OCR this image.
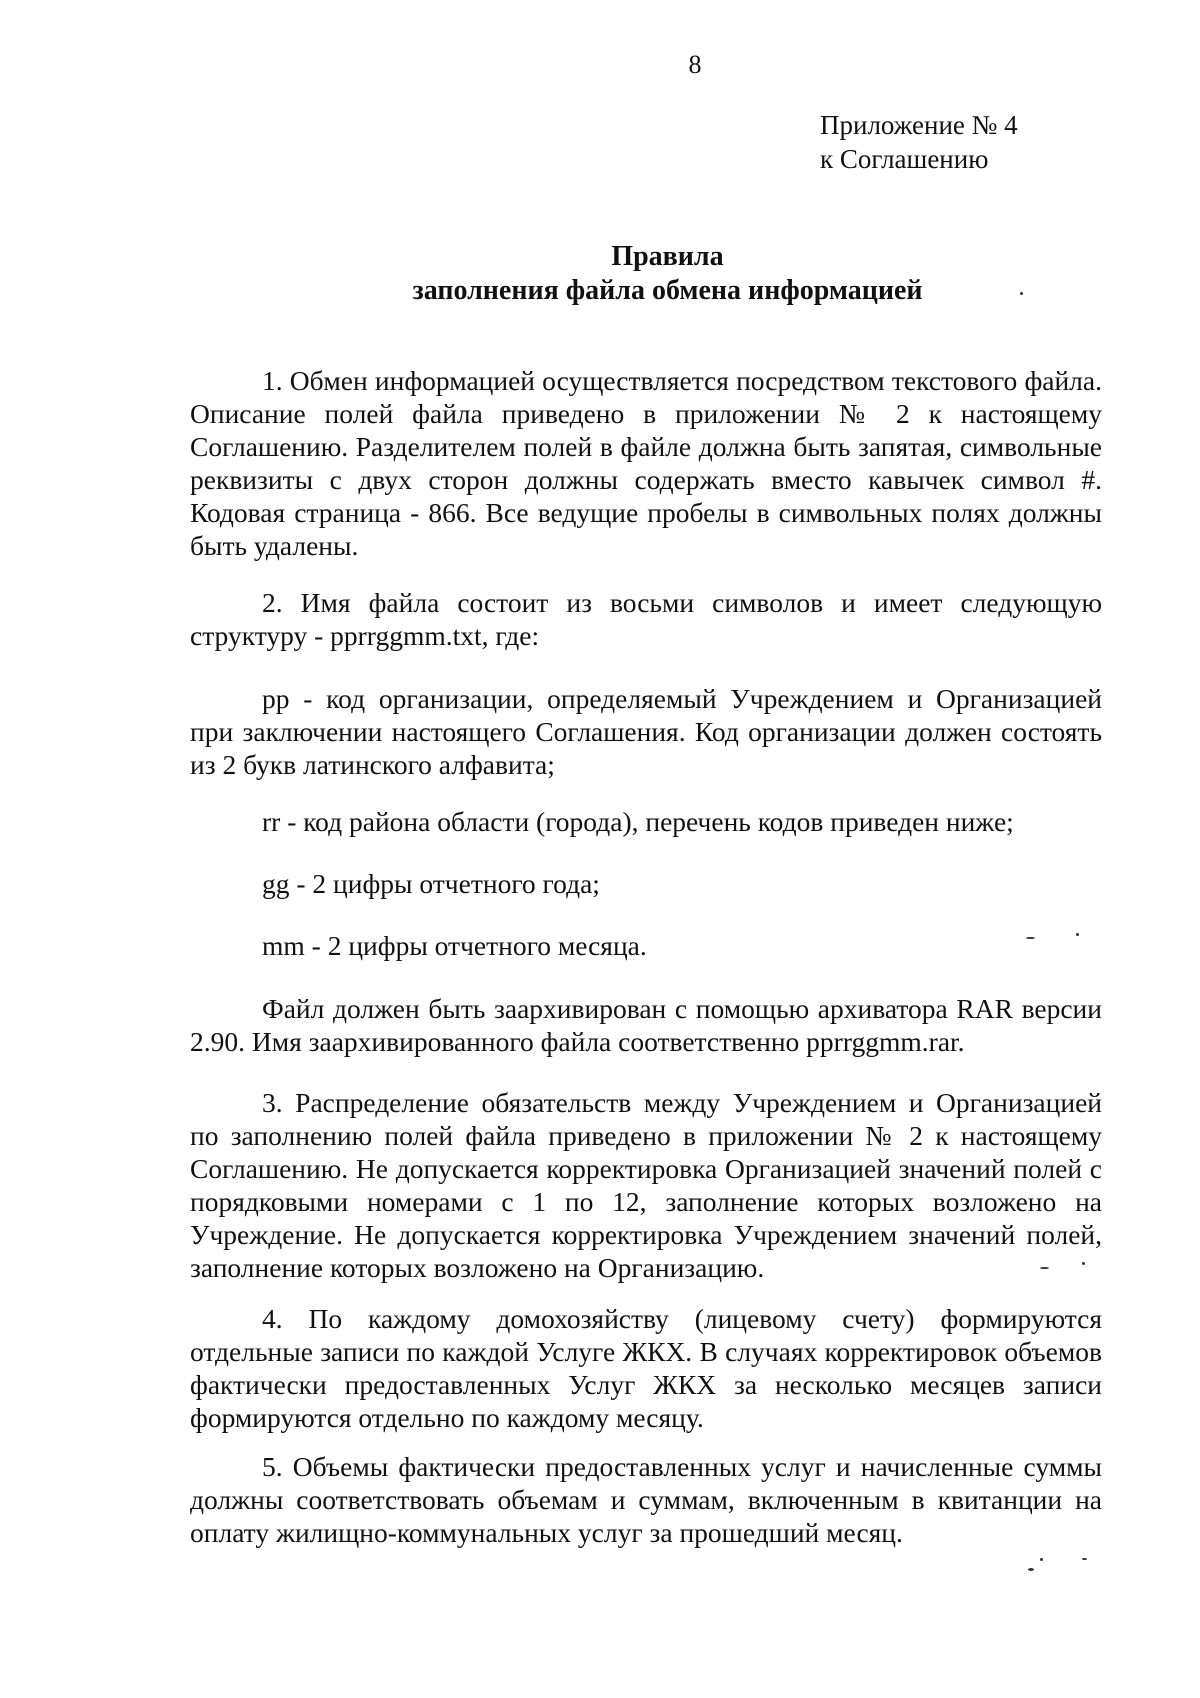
8
Приложение № 4
к Соглашению
Правила
заполнения файла обмена информацией
1. Обмен информацией осуществляется посредством текстового файла. Описание полей файла приведено в приложении № 2 к настоящему Соглашению. Разделителем полей в файле должна быть запятая, символьные реквизиты с двух сторон должны содержать вместо кавычек символ #. Кодовая страница - 866. Все ведущие пробелы в символьных полях должны быть удалены.
2. Имя файла состоит из восьми символов и имеет следующую структуру - pprrggmm.txt, где:
pp - код организации, определяемый Учреждением и Организацией при заключении настоящего Соглашения. Код организации должен состоять из 2 букв латинского алфавита;
rr - код района области (города), перечень кодов приведен ниже;
gg - 2 цифры отчетного года;
mm - 2 цифры отчетного месяца.
Файл должен быть заархивирован с помощью архиватора RAR версии 2.90. Имя заархивированного файла соответственно pprrggmm.rar.
3. Распределение обязательств между Учреждением и Организацией по заполнению полей файла приведено в приложении № 2 к настоящему Соглашению. Не допускается корректировка Организацией значений полей с порядковыми номерами с 1 по 12, заполнение которых возложено на Учреждение. Не допускается корректировка Учреждением значений полей, заполнение которых возложено на Организацию.
4. По каждому домохозяйству (лицевому счету) формируются отдельные записи по каждой Услуге ЖКХ. В случаях корректировок объемов фактически предоставленных Услуг ЖКХ за несколько месяцев записи формируются отдельно по каждому месяцу.
5. Объемы фактически предоставленных услуг и начисленные суммы должны соответствовать объемам и суммам, включенным в квитанции на оплату жилищно-коммунальных услуг за прошедший месяц.
